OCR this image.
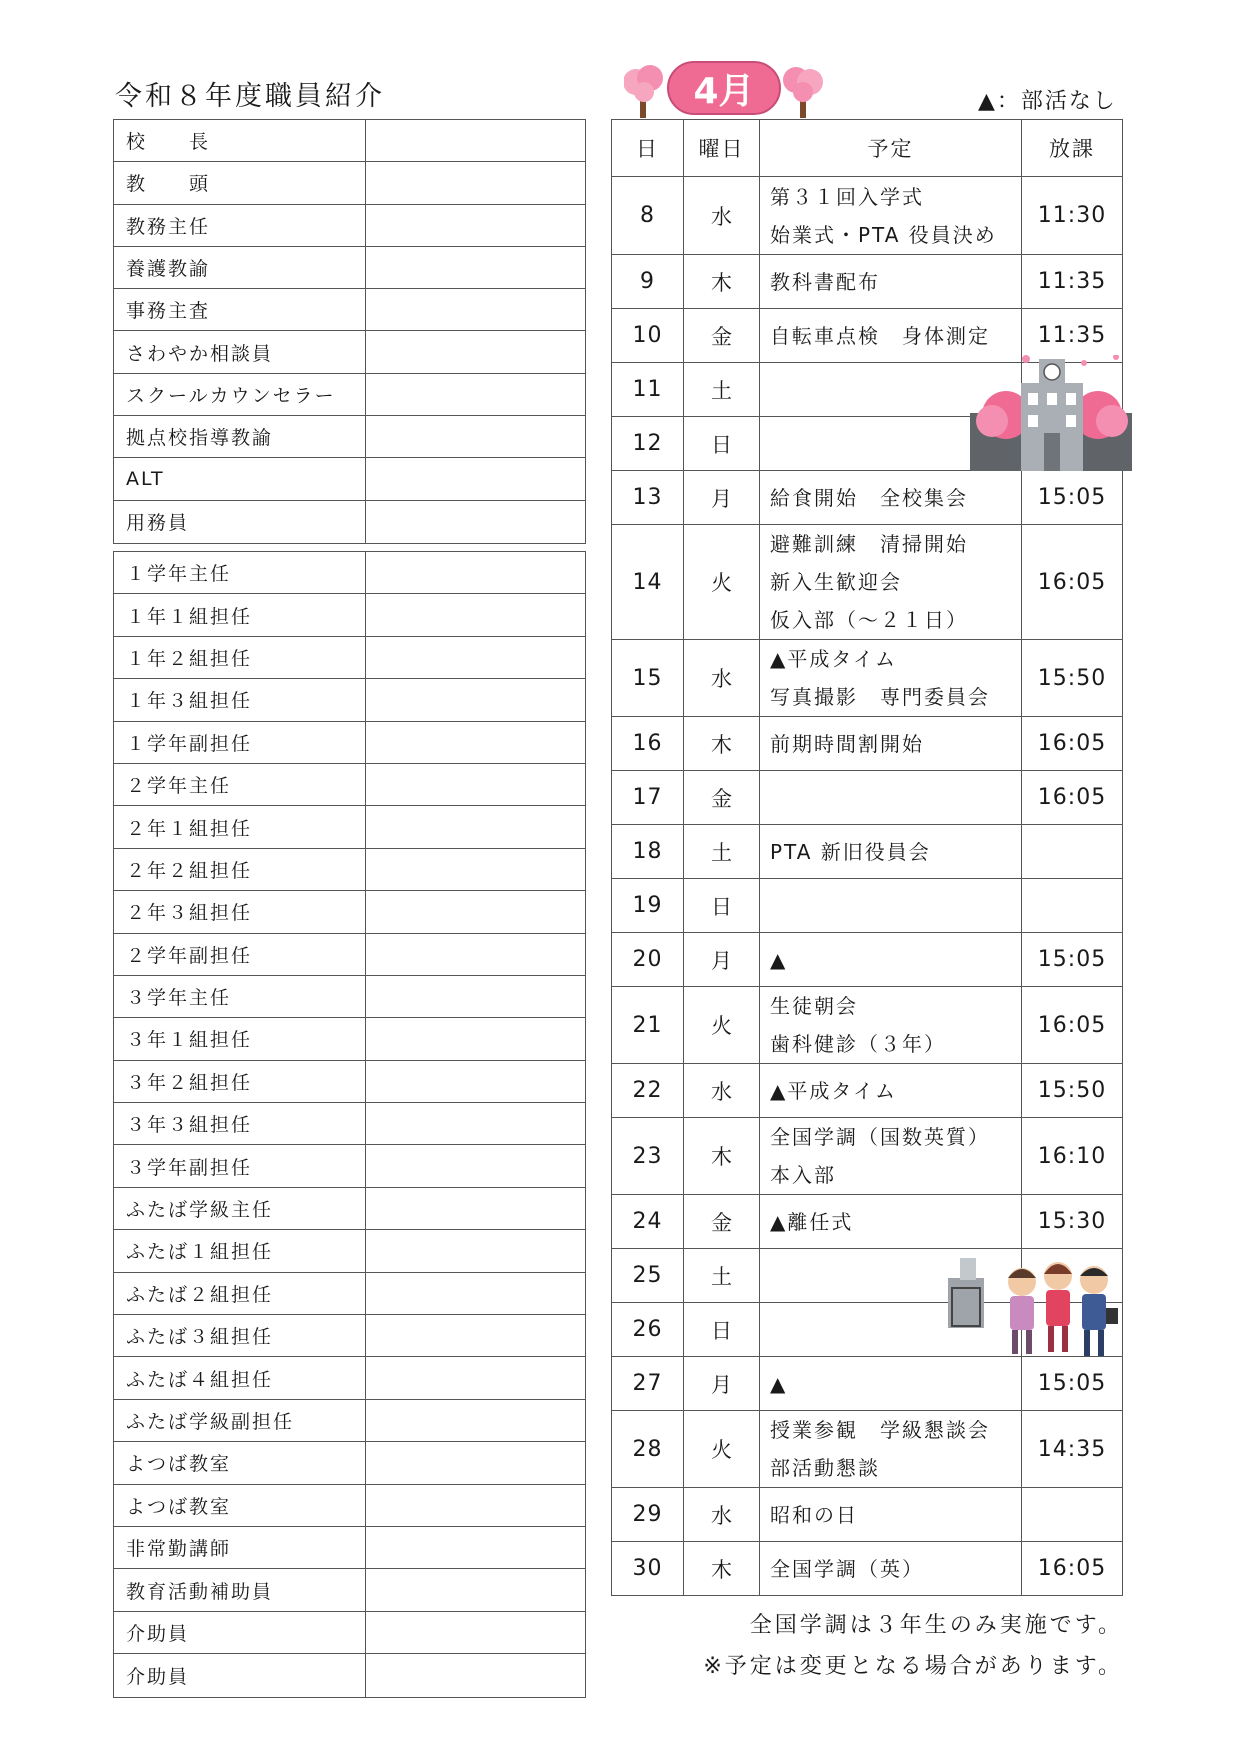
令和８年度職員紹介
校　　長
教　　頭
教務主任
養護教諭
事務主査
さわやか相談員
スクールカウンセラー
拠点校指導教諭
ALT
用務員
１学年主任
１年１組担任
１年２組担任
１年３組担任
１学年副担任
２学年主任
２年１組担任
２年２組担任
２年３組担任
２学年副担任
３学年主任
３年１組担任
３年２組担任
３年３組担任
３学年副担任
ふたば学級主任
ふたば１組担任
ふたば２組担任
ふたば３組担任
ふたば４組担任
ふたば学級副担任
よつば教室
よつば教室
非常勤講師
教育活動補助員
介助員
介助員
4月	▲：部活なし
日	曜日	予定	放課
8	水	第３１回入学式
始業式・PTA 役員決め	11:30
9	木	教科書配布	11:35
10	金	自転車点検　身体測定	11:35
11	土		
12	日		
13	月	給食開始　全校集会	15:05
14	火	避難訓練　清掃開始
新入生歓迎会
仮入部（～２１日）	16:05
15	水	▲平成タイム
写真撮影　専門委員会	15:50
16	木	前期時間割開始	16:05
17	金		16:05
18	土	PTA 新旧役員会	

19	日		
20	月	▲	15:05
21	火	生徒朝会
歯科健診（３年）	16:05
22	水	▲平成タイム	15:50
23	木	全国学調（国数英質）
本入部	16:10
24	金	▲離任式	15:30
25	土		
26	日		
27	月	▲	15:05
28	火	授業参観　学級懇談会
部活動懇談	14:35
29	水	昭和の日	

30	木	全国学調（英）	16:05
全国学調は３年生のみ実施です。
※予定は変更となる場合があります。
